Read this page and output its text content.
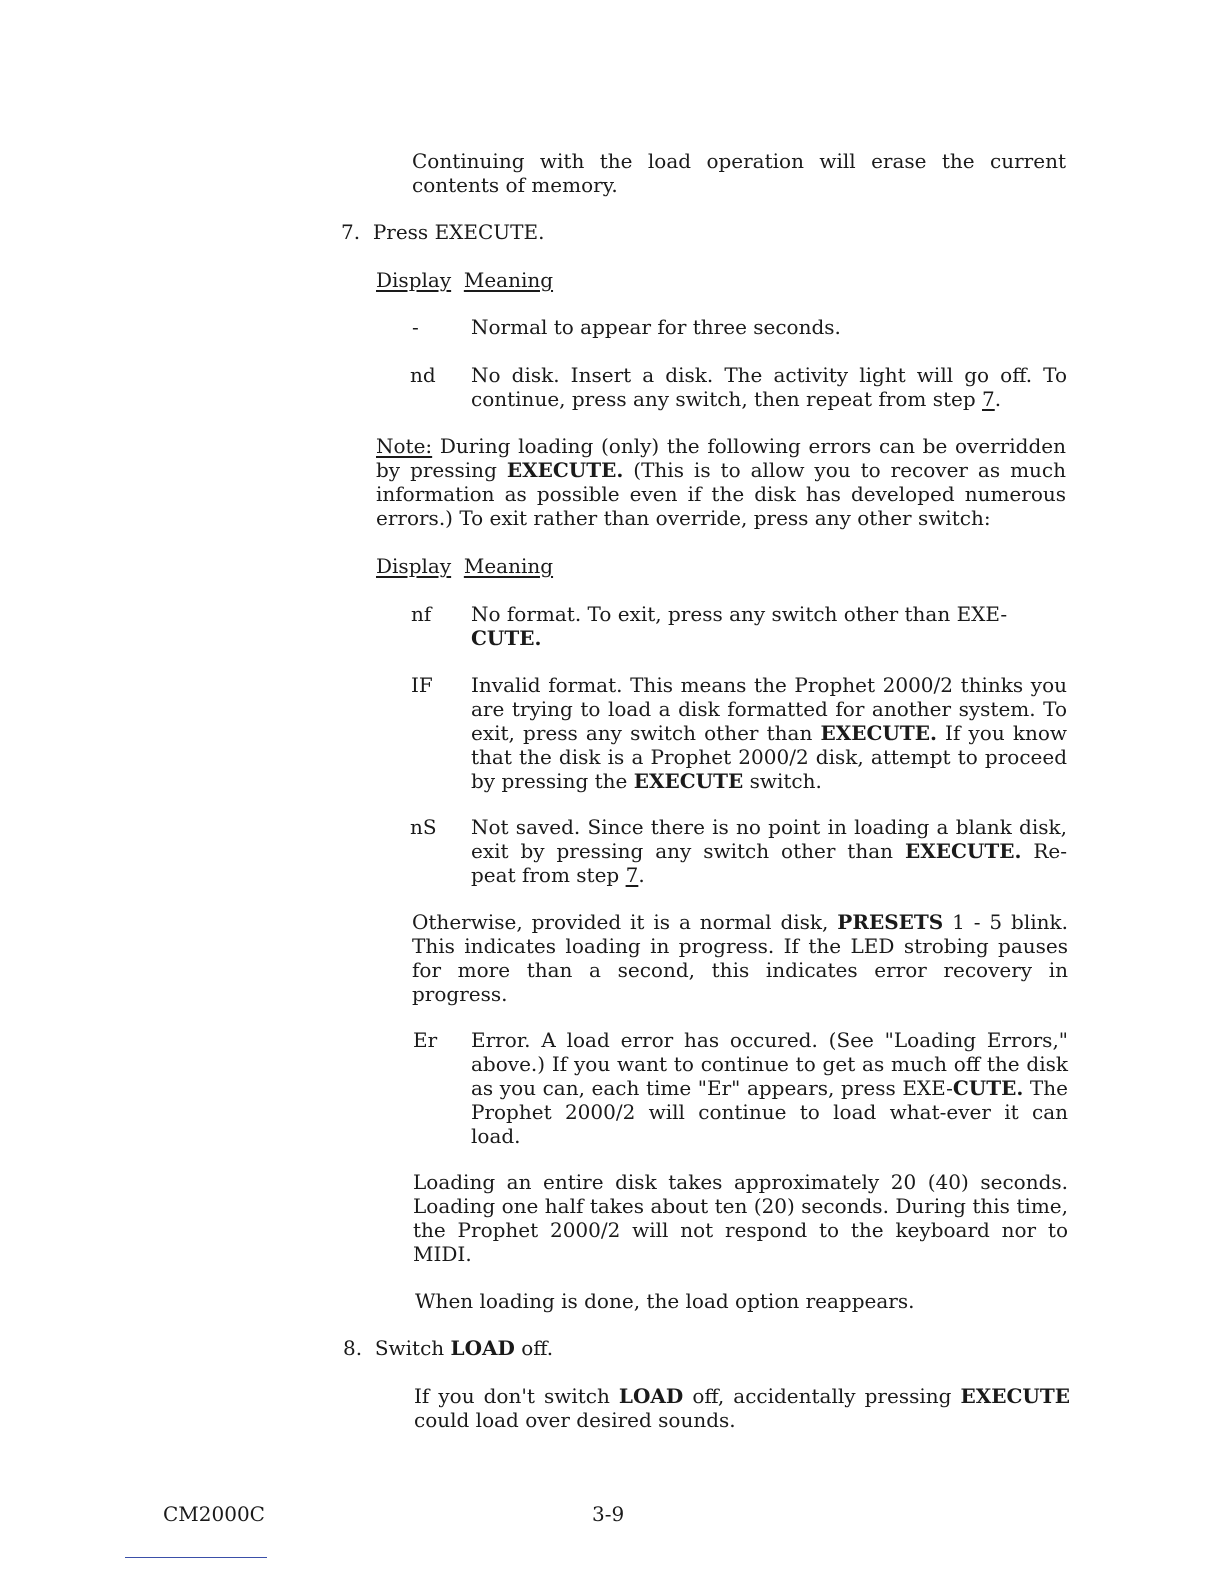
Continuing with the load operation will erase the current contents of memory.

7. Press EXECUTE.
Display Meaning
-	Normal to appear for three seconds.
nd No disk. Insert a disk. The activity light will go off. To continue, press any switch, then repeat from step 7.

Note: During loading (only) the following errors can be overridden by pressing EXECUTE. (This is to allow you to recover as much information as possible even if the disk has developed numerous errors.) To exit rather than override, press any other switch:

Display Meaning
nf No format. To exit, press any switch other than EXE-
CUTE.
IF Invalid format. This means the Prophet 2000/2 thinks you are trying to load a disk formatted for another system. To exit, press any switch other than EXECUTE. If you know that the disk is a Prophet 2000/2 disk, attempt to proceed by pressing the EXECUTE switch.
nS Not saved. Since there is no point in loading a blank disk, exit by pressing any switch other than EXECUTE. Re-peat from step 7.

Otherwise, provided it is a normal disk, PRESETS 1 - 5 blink. This indicates loading in progress. If the LED strobing pauses for more than a second, this indicates error recovery in progress.

Er Error. A load error has occured. (See "Loading Errors," above.) If you want to continue to get as much off the disk as you can, each time "Er" appears, press EXE-CUTE. The Prophet 2000/2 will continue to load what-ever it can load.

Loading an entire disk takes approximately 20 (40) seconds. Loading one half takes about ten (20) seconds. During this time, the Prophet 2000/2 will not respond to the keyboard nor to MIDI.

When loading is done, the load option reappears.

8. Switch LOAD off.

If you don't switch LOAD off, accidentally pressing EXECUTE could load over desired sounds.

CM2000C	3-9
